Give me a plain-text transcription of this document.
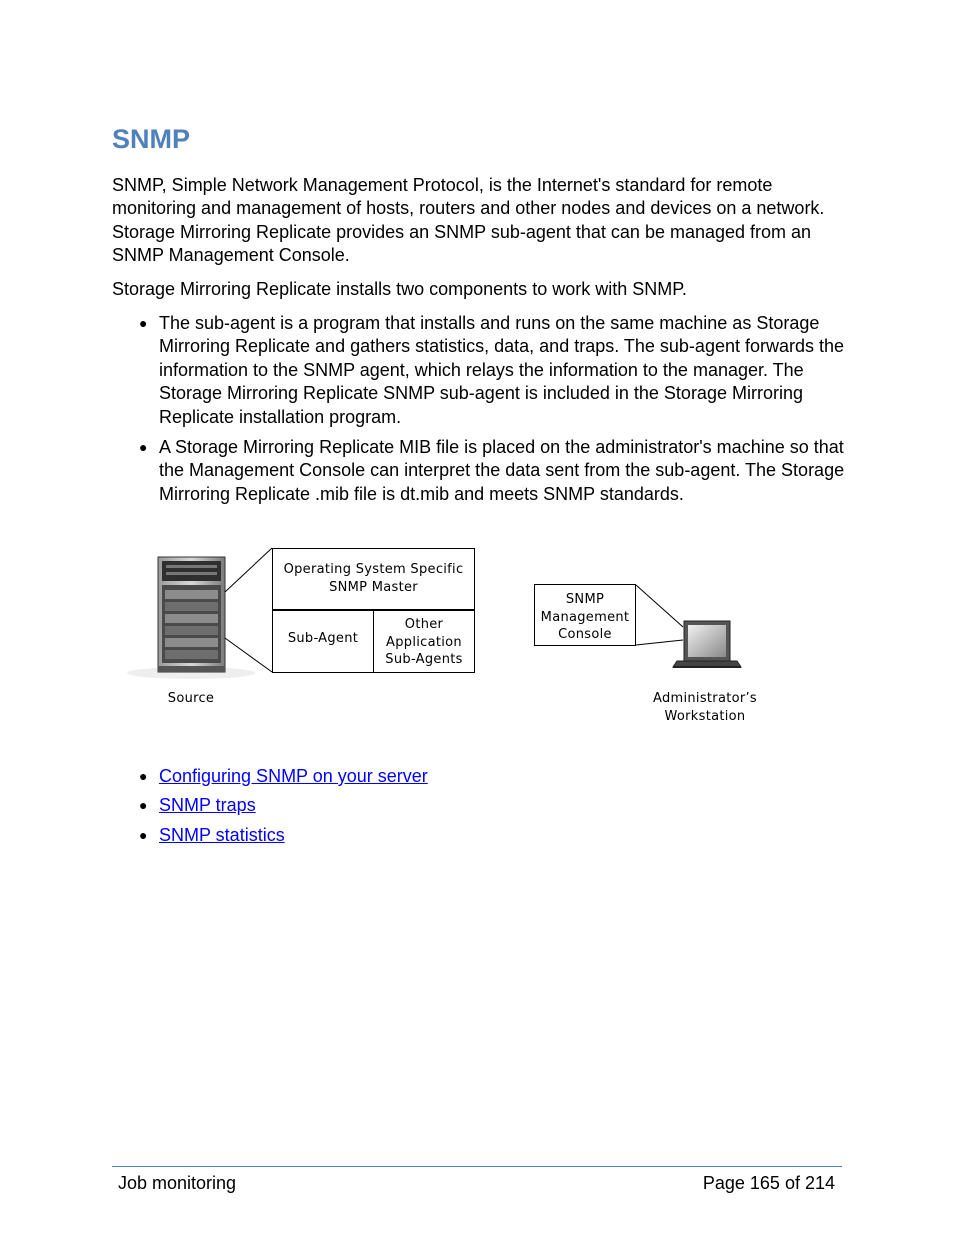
SNMP

SNMP, Simple Network Management Protocol, is the Internet's standard for remote monitoring and management of hosts, routers and other nodes and devices on a network. Storage Mirroring Replicate provides an SNMP sub-agent that can be managed from an SNMP Management Console.

Storage Mirroring Replicate installs two components to work with SNMP.

● The sub-agent is a program that installs and runs on the same machine as Storage Mirroring Replicate and gathers statistics, data, and traps. The sub-agent forwards the information to the SNMP agent, which relays the information to the manager. The Storage Mirroring Replicate SNMP sub-agent is included in the Storage Mirroring Replicate installation program.
● A Storage Mirroring Replicate MIB file is placed on the administrator's machine so that the Management Console can interpret the data sent from the sub-agent. The Storage Mirroring Replicate .mib file is dt.mib and meets SNMP standards.
Operating System Specific
SNMP Master
Sub-Agent
Other
Application
Sub-Agents
SNMP
Management
Console
Source	Administrator’s
Workstation
● Configuring SNMP on your server
● SNMP traps
● SNMP statistics
Job monitoring	Page 165 of 214
